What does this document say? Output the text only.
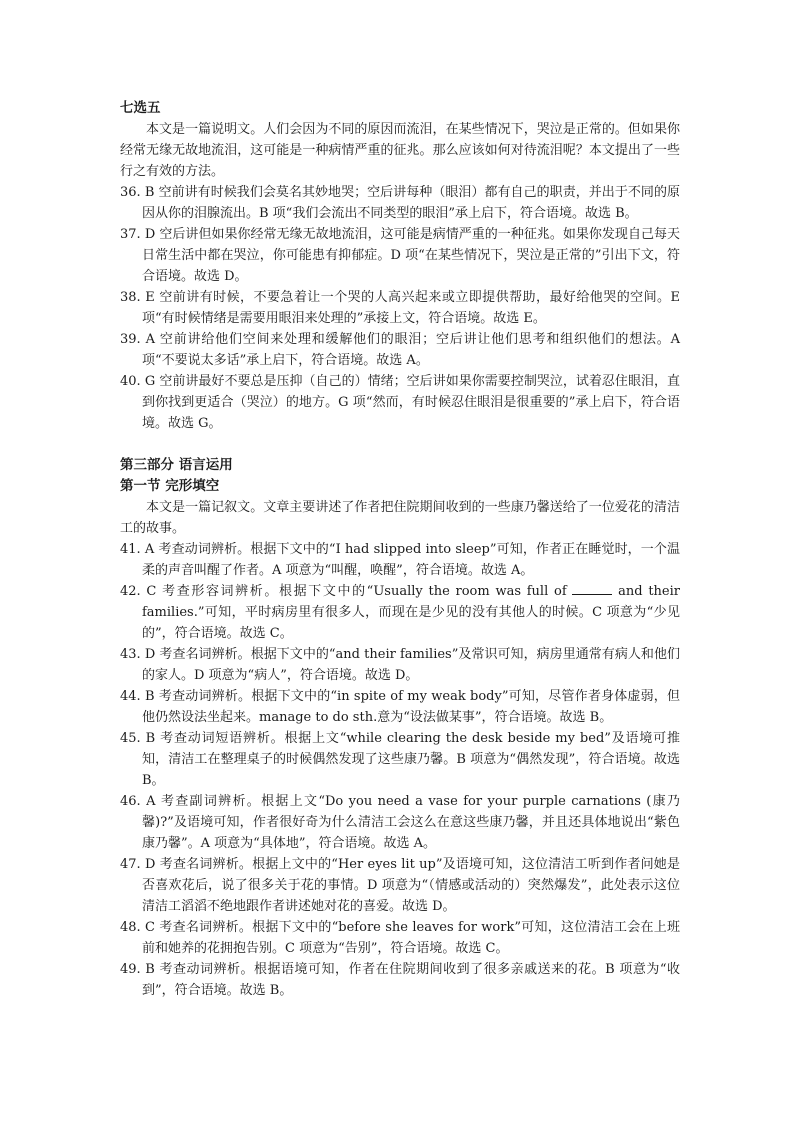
七选五

本文是一篇说明文。人们会因为不同的原因而流泪，在某些情况下，哭泣是正常的。但如果你经常无缘无故地流泪，这可能是一种病情严重的征兆。那么应该如何对待流泪呢？本文提出了一些行之有效的方法。

36. B 空前讲有时候我们会莫名其妙地哭；空后讲每种（眼泪）都有自己的职责，并出于不同的原因从你的泪腺流出。B 项“我们会流出不同类型的眼泪”承上启下，符合语境。故选 B。

37. D 空后讲但如果你经常无缘无故地流泪，这可能是病情严重的一种征兆。如果你发现自己每天日常生活中都在哭泣，你可能患有抑郁症。D 项“在某些情况下，哭泣是正常的”引出下文，符合语境。故选 D。

38. E 空前讲有时候，不要急着让一个哭的人高兴起来或立即提供帮助，最好给他哭的空间。E 项“有时候情绪是需要用眼泪来处理的”承接上文，符合语境。故选 E。

39. A 空前讲给他们空间来处理和缓解他们的眼泪；空后讲让他们思考和组织他们的想法。A 项“不要说太多话”承上启下，符合语境。故选 A。

40. G 空前讲最好不要总是压抑（自己的）情绪；空后讲如果你需要控制哭泣，试着忍住眼泪，直到你找到更适合（哭泣）的地方。G 项“然而，有时候忍住眼泪是很重要的”承上启下，符合语境。故选 G。

第三部分 语言运用

第一节 完形填空

本文是一篇记叙文。文章主要讲述了作者把住院期间收到的一些康乃馨送给了一位爱花的清洁工的故事。

41. A 考查动词辨析。根据下文中的“I had slipped into sleep”可知，作者正在睡觉时，一个温柔的声音叫醒了作者。A 项意为“叫醒，唤醒”，符合语境。故选 A。

42. C 考查形容词辨析。根据下文中的“Usually the room was full of	and their families.”可知，平时病房里有很多人，而现在是少见的没有其他人的时候。C 项意为“少见的”，符合语境。故选 C。

43. D 考查名词辨析。根据下文中的“and their families”及常识可知，病房里通常有病人和他们的家人。D 项意为“病人”，符合语境。故选 D。

44. B 考查动词辨析。根据下文中的“in spite of my weak body”可知，尽管作者身体虚弱，但他仍然设法坐起来。manage to do sth.意为“设法做某事”，符合语境。故选 B。

45. B 考查动词短语辨析。根据上文“while clearing the desk beside my bed”及语境可推知，清洁工在整理桌子的时候偶然发现了这些康乃馨。B 项意为“偶然发现”，符合语境。故选 B。

46. A 考查副词辨析。根据上文“Do you need a vase for your purple carnations (康乃馨)?”及语境可知，作者很好奇为什么清洁工会这么在意这些康乃馨，并且还具体地说出“紫色康乃馨”。A 项意为“具体地”，符合语境。故选 A。

47. D 考查名词辨析。根据上文中的“Her eyes lit up”及语境可知，这位清洁工听到作者问她是否喜欢花后，说了很多关于花的事情。D 项意为“（情感或活动的）突然爆发”，此处表示这位清洁工滔滔不绝地跟作者讲述她对花的喜爱。故选 D。

48. C 考查名词辨析。根据下文中的“before she leaves for work”可知，这位清洁工会在上班前和她养的花拥抱告别。C 项意为“告别”，符合语境。故选 C。

49. B 考查动词辨析。根据语境可知，作者在住院期间收到了很多亲戚送来的花。B 项意为“收到”，符合语境。故选 B。
